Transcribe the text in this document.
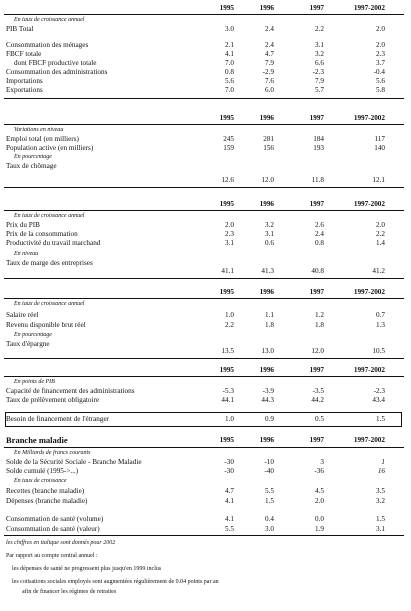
1995	1996	1997	1997-2002
En taux de croissance annuel
PIB Total	3.0	2.4	2.2	2.0
Consommation des ménages	2.1	2.4	3.1	2.0
FBCF totale	4.1	4.7	3.2	2.3
dont FBCF productive totale	7.0	7.9	6.6	3.7
Consommation des administrations	0.8	-2.9	-2.3	-0.4
Importations	5.6	7.6	7.9	5.6
Exportations	7.0	6.0	5.7	5.8
1995	1996	1997	1997-2002
Variations en niveau
Emploi total (en milliers)	245	281	184	117
Population active (en milliers)	159	156	193	140
En pourcentage
Taux de chômage
12.6	12.0	11.8	12.1
1995	1996	1997	1997-2002
En taux de croissance annuel
Prix du PIB	2.0	3.2	2.6	2.0
Prix de la consommation	2.3	3.1	2.4	2.2
Productivité du travail marchand	3.1	0.6	0.8	1.4
En niveau
Taux de marge des entreprises
41.1	41.3	40.8	41.2
1995	1996	1997	1997-2002
En taux de croissance annuel
Salaire réel	1.0	1.1	1.2	0.7
Revenu disponible brut réel	2.2	1.8	1.8	1.3
En pourcentage
Taux d'épargne
13.5	13.0	12.0	10.5
1995	1996	1997	1997-2002
En points de PIB
Capacité de financement des administrations	-5.3	-3.9	-3.5	-2.3
Taux de prélèvement obligatoire	44.1	44.3	44.2	43.4
Besoin de financement de l'étranger	1.0	0.9	0.5	1.5
Branche maladie	1995	1996	1997	1997-2002
En Milliards de francs courants
Solde de la Sécurité Sociale - Branche Maladie	-30	-10	3	1
Solde cumulé (1995->...)	-30	-40	-36	16
En taux de croissance
Recettes (branche maladie)	4.7	5.5	4.5	3.5
Dépenses (branche maladie)	4.1	1.5	2.0	3.2
Consommation de santé (volume)	4.1	0.4	0.0	1.5
Consommation de santé (valeur)	5.5	3.0	1.9	3.1
les chiffres en italique sont donnés pour 2002
Par rapport au compte central annuel :
les dépenses de santé ne progressent plus jusqu'en 1999 inclus
les cotisations sociales employés sont augmentées régulièrement de 0.04 points par an
afin de financer les régimes de retraites
